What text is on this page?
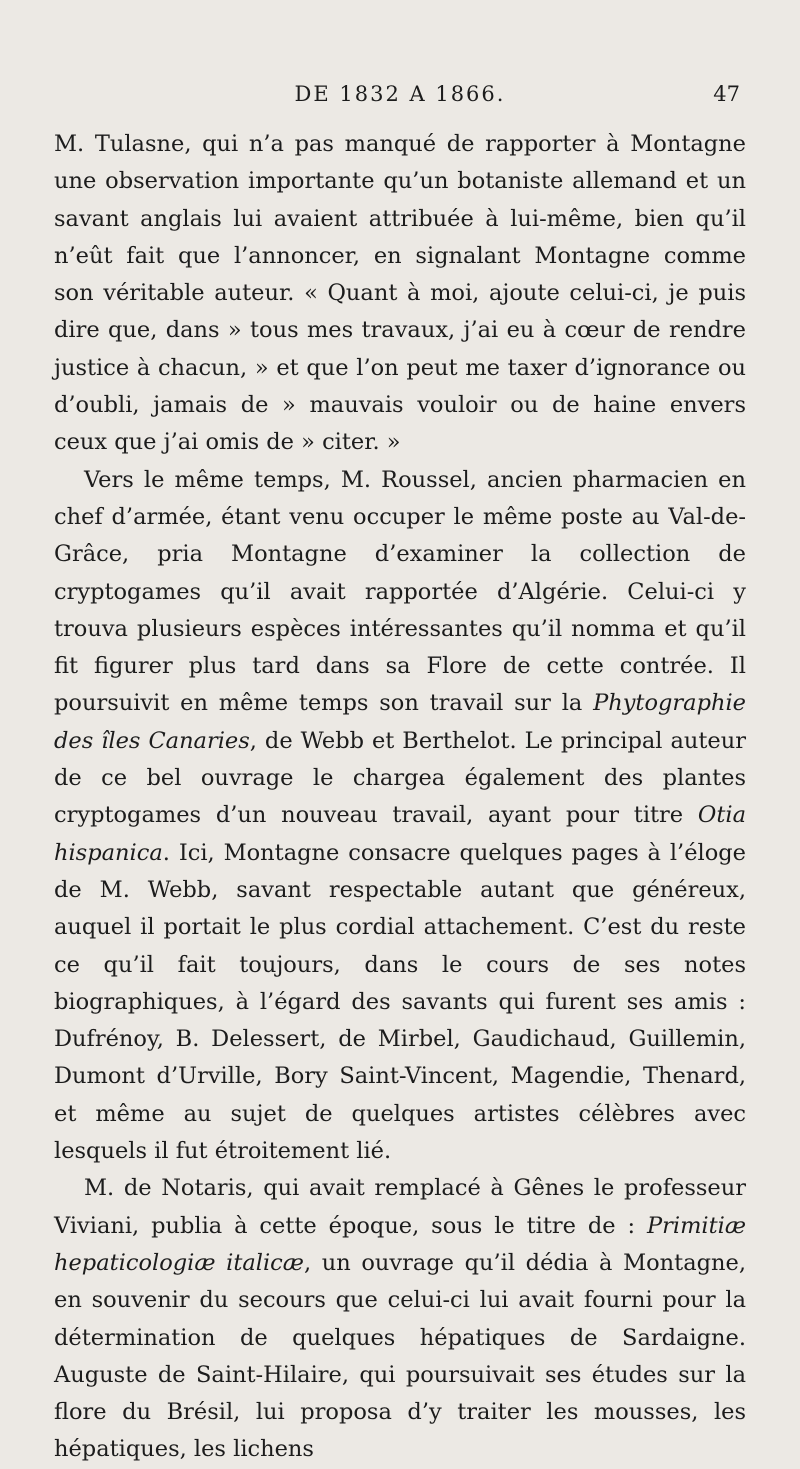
DE 1832 A 1866.	47

M. Tulasne, qui n’a pas manqué de rapporter à Montagne une observation importante qu’un botaniste allemand et un savant anglais lui avaient attribuée à lui-même, bien qu’il n’eût fait que l’annoncer, en signalant Montagne comme son véritable auteur. « Quant à moi, ajoute celui-ci, je puis dire que, dans » tous mes travaux, j’ai eu à cœur de rendre justice à chacun, » et que l’on peut me taxer d’ignorance ou d’oubli, jamais de » mauvais vouloir ou de haine envers ceux que j’ai omis de » citer. »

Vers le même temps, M. Roussel, ancien pharmacien en chef d’armée, étant venu occuper le même poste au Val-de-Grâce, pria Montagne d’examiner la collection de cryptogames qu’il avait rapportée d’Algérie. Celui-ci y trouva plusieurs espèces intéressantes qu’il nomma et qu’il fit figurer plus tard dans sa Flore de cette contrée. Il poursuivit en même temps son travail sur la Phytographie des îles Canaries, de Webb et Berthelot. Le principal auteur de ce bel ouvrage le chargea également des plantes cryptogames d’un nouveau travail, ayant pour titre Otia hispanica. Ici, Montagne consacre quelques pages à l’éloge de M. Webb, savant respectable autant que généreux, auquel il portait le plus cordial attachement. C’est du reste ce qu’il fait toujours, dans le cours de ses notes biographiques, à l’égard des savants qui furent ses amis : Dufrénoy, B. Delessert, de Mirbel, Gaudichaud, Guillemin, Dumont d’Urville, Bory Saint-Vincent, Magendie, Thenard, et même au sujet de quelques artistes célèbres avec lesquels il fut étroitement lié.

M. de Notaris, qui avait remplacé à Gênes le professeur Viviani, publia à cette époque, sous le titre de : Primitiæ hepaticologiæ italicæ, un ouvrage qu’il dédia à Montagne, en souvenir du secours que celui-ci lui avait fourni pour la détermination de quelques hépatiques de Sardaigne. Auguste de Saint-Hilaire, qui poursuivait ses études sur la flore du Brésil, lui proposa d’y traiter les mousses, les hépatiques, les lichens
